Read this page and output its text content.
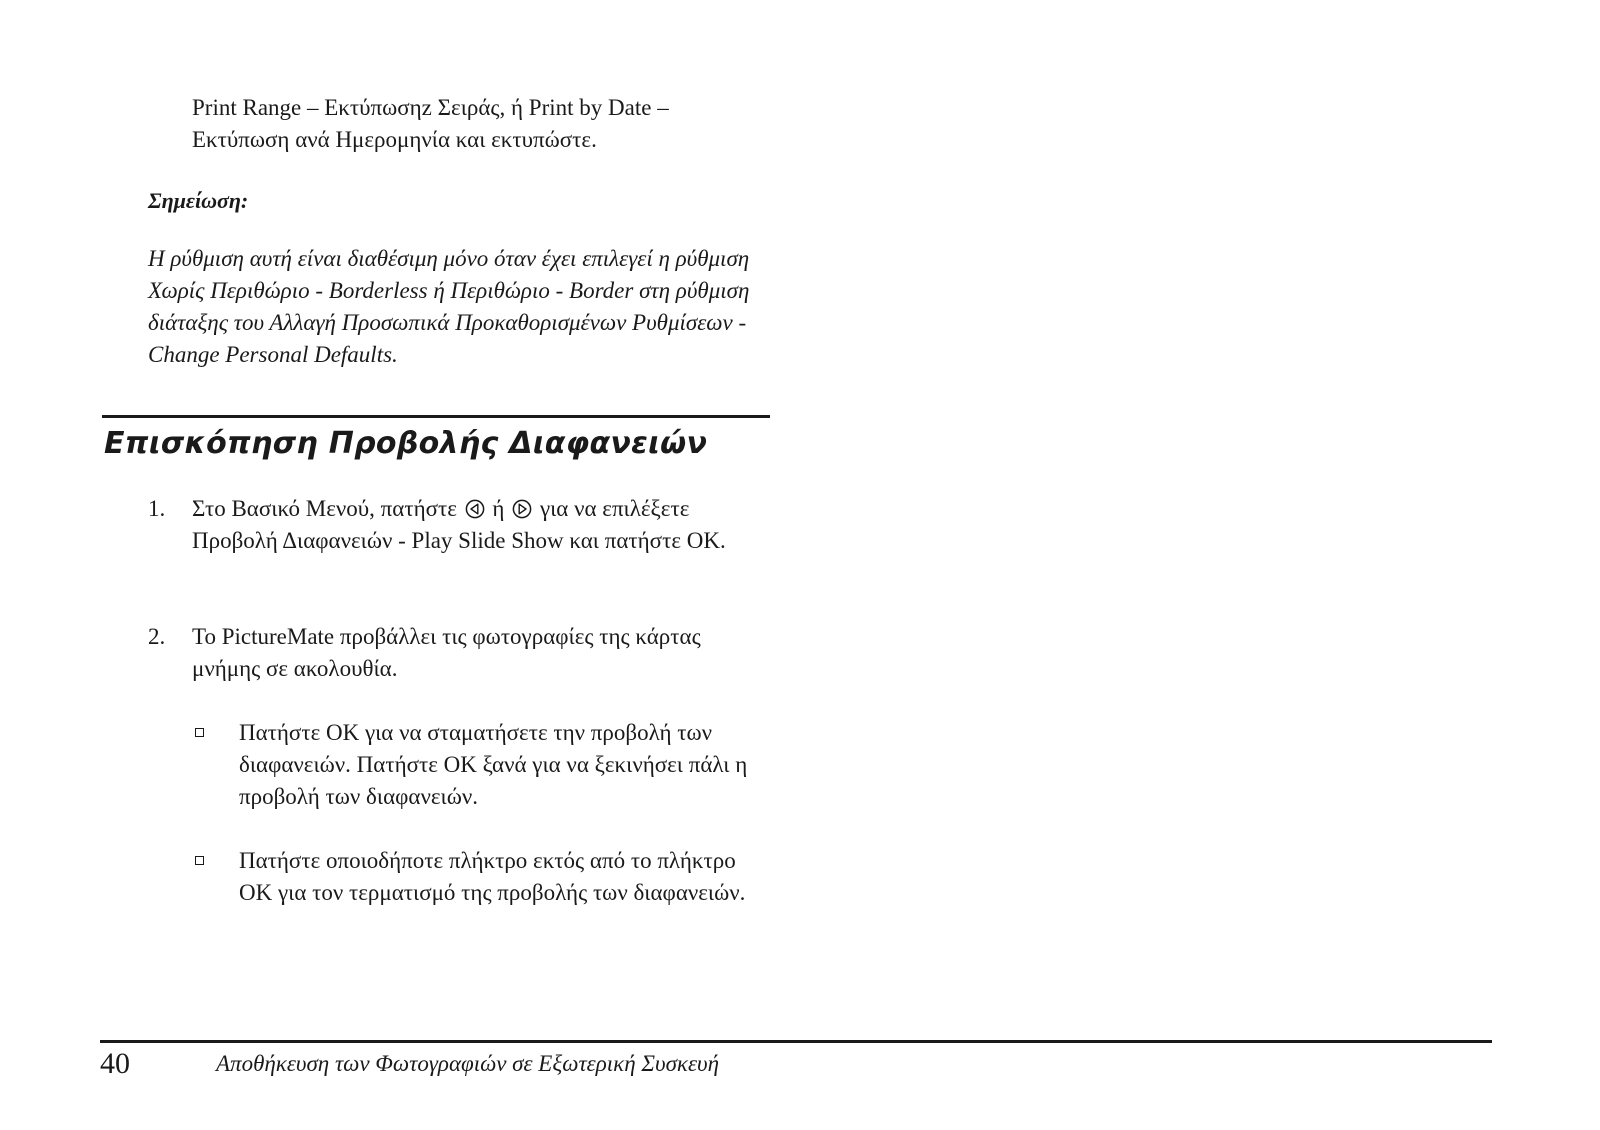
Print Range – Εκτύπωσηz Σειράς, ή Print by Date – Εκτύπωση ανά Ημερομηνία και εκτυπώστε.

Σημείωση:

Η ρύθμιση αυτή είναι διαθέσιμη μόνο όταν έχει επιλεγεί η ρύθμιση Χωρίς Περιθώριο - Borderless ή Περιθώριο - Border στη ρύθμιση διάταξης του Αλλαγή Προσωπικά Προκαθορισμένων Ρυθμίσεων - Change Personal Defaults.

Επισκόπηση Προβολής Διαφανειών
1.	Στο Βασικό Μενού, πατήστε ή για να επιλέξετε Προβολή Διαφανειών - Play Slide Show και πατήστε OK.

2.	Το PictureMate προβάλλει τις φωτογραφίες της κάρτας μνήμης σε ακολουθία.

Πατήστε OK για να σταματήσετε την προβολή των διαφανειών. Πατήστε OK ξανά για να ξεκινήσει πάλι η προβολή των διαφανειών.

Πατήστε οποιοδήποτε πλήκτρο εκτός από το πλήκτρο OK για τον τερματισμό της προβολής των διαφανειών.

40	Αποθήκευση των Φωτογραφιών σε Εξωτερική Συσκευή
